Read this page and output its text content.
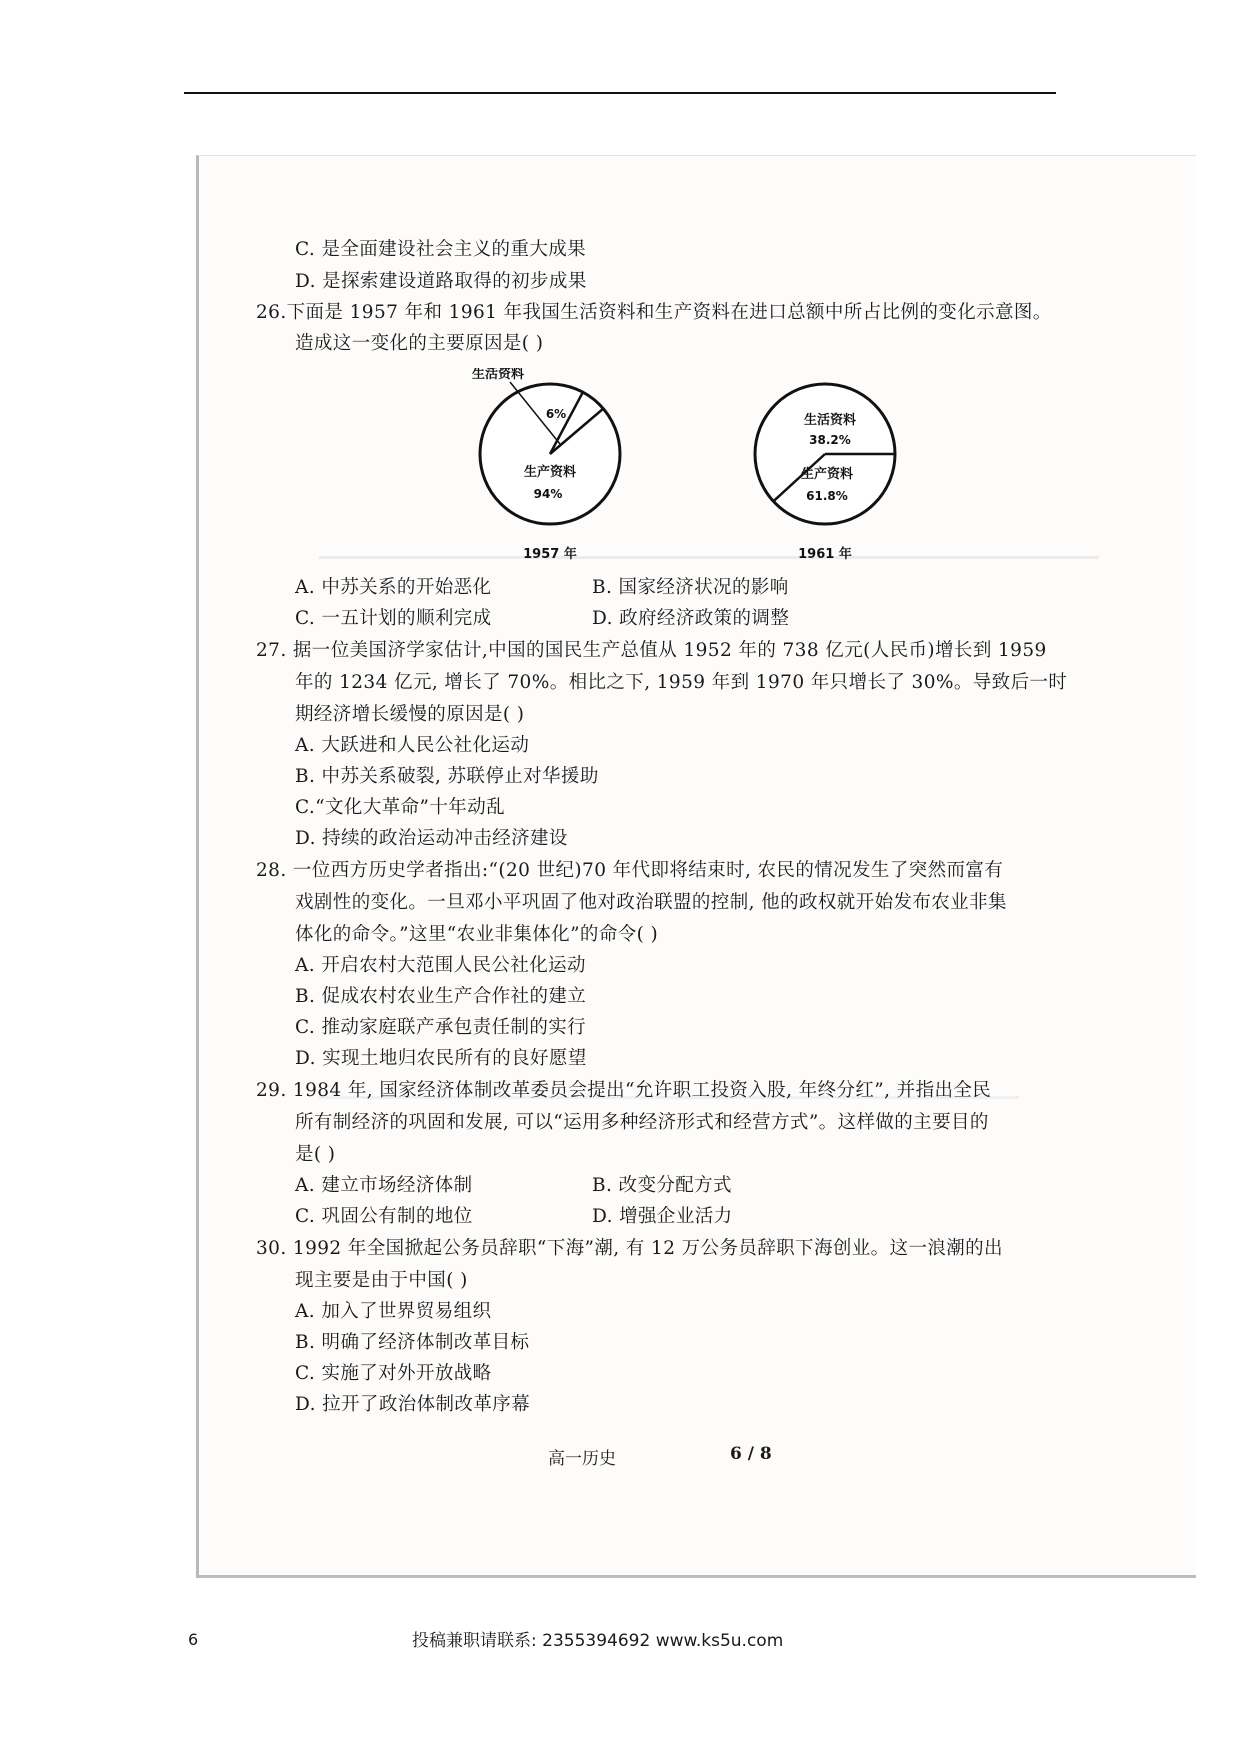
C. 是全面建设社会主义的重大成果
D. 是探索建设道路取得的初步成果
26.下面是 1957 年和 1961 年我国生活资料和生产资料在进口总额中所占比例的变化示意图。
造成这一变化的主要原因是( )
生活资料
6%
生产资料
94%
1957 年
生活资料
38.2%
生产资料
61.8%
1961 年
A. 中苏关系的开始恶化	B. 国家经济状况的影响
C. 一五计划的顺利完成	D. 政府经济政策的调整
27. 据一位美国济学家估计,中国的国民生产总值从 1952 年的 738 亿元(人民币)增长到 1959
年的 1234 亿元, 增长了 70%。相比之下, 1959 年到 1970 年只增长了 30%。导致后一时
期经济增长缓慢的原因是( )
A. 大跃进和人民公社化运动
B. 中苏关系破裂, 苏联停止对华援助
C.“文化大革命”十年动乱
D. 持续的政治运动冲击经济建设
28. 一位西方历史学者指出:“(20 世纪)70 年代即将结束时, 农民的情况发生了突然而富有
戏剧性的变化。一旦邓小平巩固了他对政治联盟的控制, 他的政权就开始发布农业非集
体化的命令。”这里“农业非集体化”的命令( )
A. 开启农村大范围人民公社化运动
B. 促成农村农业生产合作社的建立
C. 推动家庭联产承包责任制的实行
D. 实现土地归农民所有的良好愿望
29. 1984 年, 国家经济体制改革委员会提出“允许职工投资入股, 年终分红”, 并指出全民
所有制经济的巩固和发展, 可以“运用多种经济形式和经营方式”。这样做的主要目的
是( )
A. 建立市场经济体制	B. 改变分配方式
C. 巩固公有制的地位	D. 增强企业活力
30. 1992 年全国掀起公务员辞职“下海”潮, 有 12 万公务员辞职下海创业。这一浪潮的出
现主要是由于中国( )
A. 加入了世界贸易组织
B. 明确了经济体制改革目标
C. 实施了对外开放战略
D. 拉开了政治体制改革序幕
高一历史	6 / 8
6	投稿兼职请联系: 2355394692 www.ks5u.com
